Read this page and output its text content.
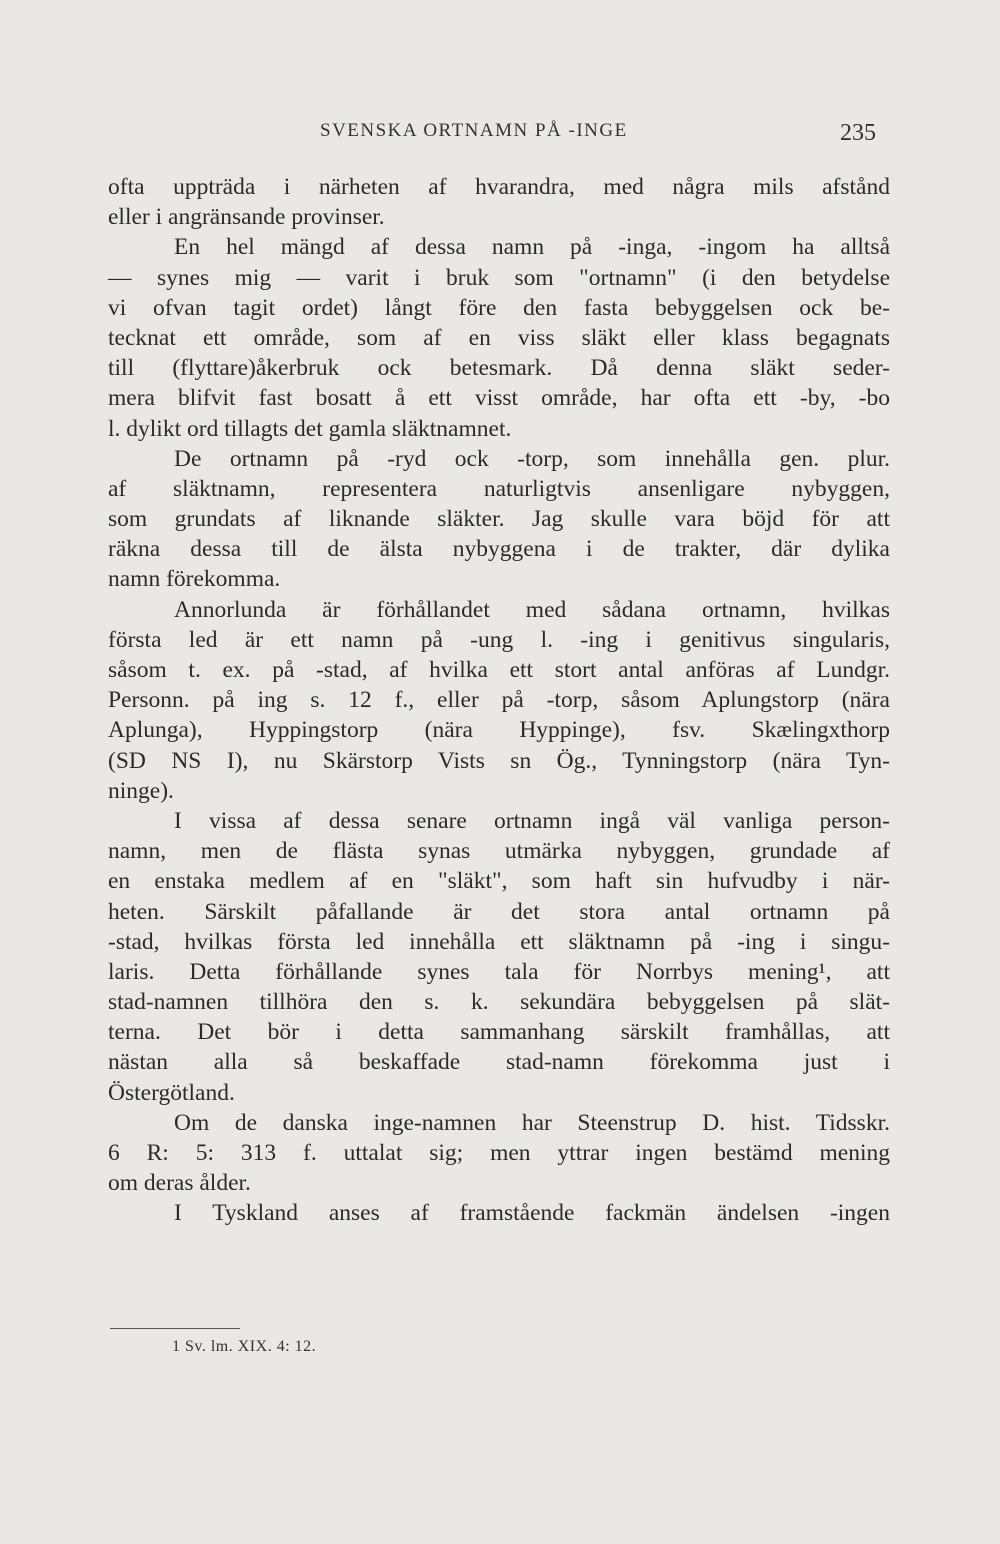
SVENSKA ORTNAMN PÅ -INGE	235
ofta uppträda i närheten af hvarandra, med några mils afstånd
eller i angränsande provinser.
En hel mängd af dessa namn på -inga, -ingom ha alltså
— synes mig — varit i bruk som "ortnamn" (i den betydelse
vi ofvan tagit ordet) långt före den fasta bebyggelsen ock be-
tecknat ett område, som af en viss släkt eller klass begagnats
till (flyttare)åkerbruk ock betesmark. Då denna släkt seder-
mera blifvit fast bosatt å ett visst område, har ofta ett -by, -bo
l. dylikt ord tillagts det gamla släktnamnet.
De ortnamn på -ryd ock -torp, som innehålla gen. plur.
af släktnamn, representera naturligtvis ansenligare nybyggen,
som grundats af liknande släkter. Jag skulle vara böjd för att
räkna dessa till de älsta nybyggena i de trakter, där dylika
namn förekomma.
Annorlunda är förhållandet med sådana ortnamn, hvilkas
första led är ett namn på -ung l. -ing i genitivus singularis,
såsom t. ex. på -stad, af hvilka ett stort antal anföras af Lundgr.
Personn. på ing s. 12 f., eller på -torp, såsom Aplungstorp (nära
Aplunga), Hyppingstorp (nära Hyppinge), fsv. Skælingxthorp
(SD NS I), nu Skärstorp Vists sn Ög., Tynningstorp (nära Tyn-
ninge).
I vissa af dessa senare ortnamn ingå väl vanliga person-
namn, men de flästa synas utmärka nybyggen, grundade af
en enstaka medlem af en "släkt", som haft sin hufvudby i när-
heten. Särskilt påfallande är det stora antal ortnamn på
-stad, hvilkas första led innehålla ett släktnamn på -ing i singu-
laris. Detta förhållande synes tala för Norrbys mening¹, att
stad-namnen tillhöra den s. k. sekundära bebyggelsen på slät-
terna. Det bör i detta sammanhang särskilt framhållas, att
nästan alla så beskaffade stad-namn förekomma just i
Östergötland.
Om de danska inge-namnen har Steenstrup D. hist. Tidsskr.
6 R: 5: 313 f. uttalat sig; men yttrar ingen bestämd mening
om deras ålder.
I Tyskland anses af framstående fackmän ändelsen -ingen
1 Sv. lm. XIX. 4: 12.
